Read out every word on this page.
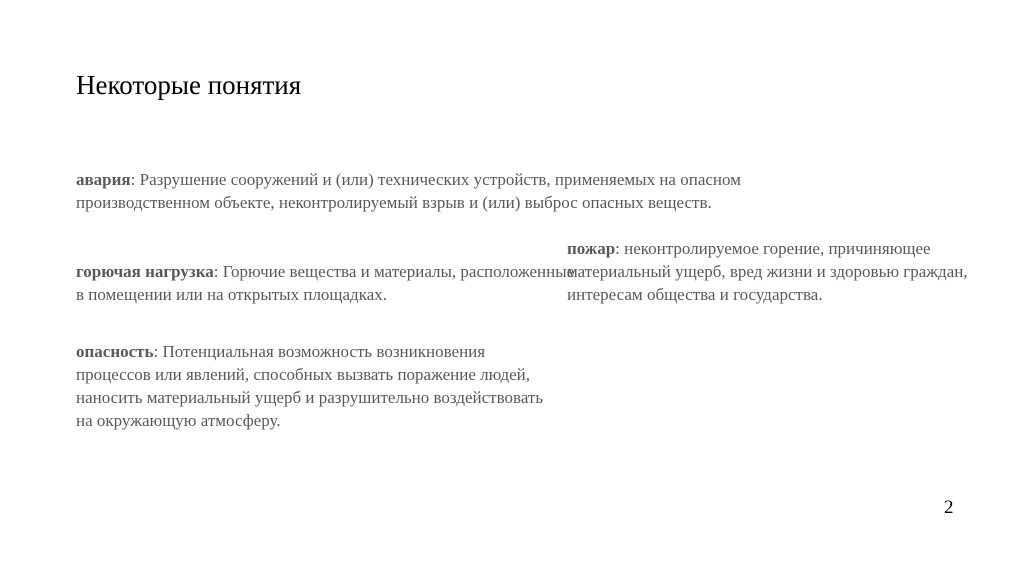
Некоторые понятия
авария: Разрушение сооружений и (или) технических устройств, применяемых на опасном производственном объекте, неконтролируемый взрыв и (или) выброс опасных веществ.
горючая нагрузка: Горючие вещества и материалы, расположенные в помещении или на открытых площадках.
пожар: неконтролируемое горение, причиняющее материальный ущерб, вред жизни и здоровью граждан, интересам общества и государства.
опасность: Потенциальная возможность возникновения процессов или явлений, способных вызвать поражение людей, наносить материальный ущерб и разрушительно воздействовать на окружающую атмосферу.
2
